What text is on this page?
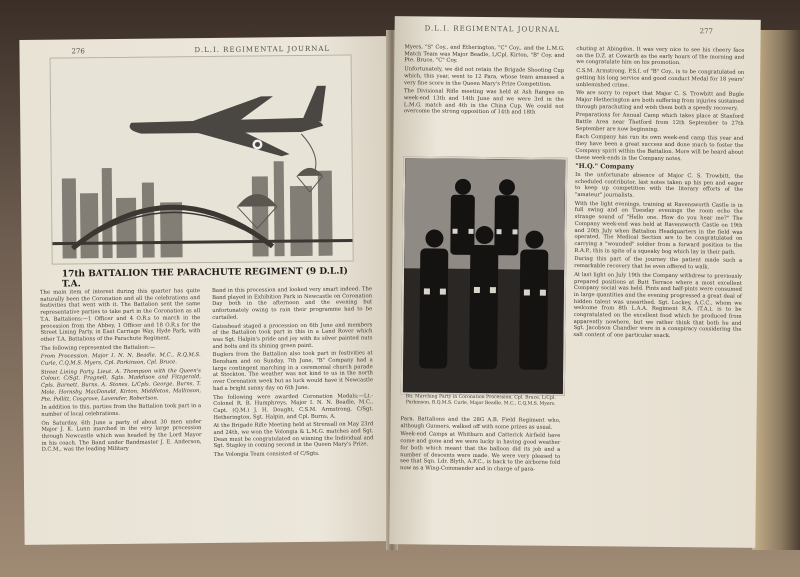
276	D.L.I. REGIMENTAL JOURNAL
17th BATTALION THE PARACHUTE REGIMENT (9 D.L.I) T.A.

The main item of interest during this quarter has quite naturally been the Coronation and all the celebrations and festivities that went with it. The Battalion sent the same representative parties to take part in the Coronation as all T.A. Battalions:—1 Officer and 4 O.R.s to march in the procession from the Abbey, 1 Officer and 18 O.R.s for the Street Lining Party, in East Carriage Way, Hyde Park, with other T.A. Battalions of the Parachute Regiment.

The following represented the Battalion:—

From Procession. Major I. N. N. Beadle, M.C., R.Q.M.S. Curle, C.Q.M.S. Myers, Cpl. Parkinson, Cpl. Bruce.

Street Lining Party. Lieut. A. Thompson with the Queen's Colour, C/Sgt. Pragnell, Sgts. Maddison and Fitzgerald, Cpls. Barnett, Burns, A. Stones, L/Cpls. George, Burns, T. Mole, Hornsby, MacDonald, Kirton, Middleton, Mallinson, Pte. Pollitt, Cosgrove, Lavender, Robertson.

In addition to this, parties from the Battalion took part in a number of local celebrations.

On Saturday, 6th June a party of about 30 men under Major J. K. Lunn marched in the very large procession through Newcastle which was headed by the Lord Mayor in his coach. The Band under Bandmaster J. E. Anderson, D.C.M., was the leading Military

Band in this procession and looked very smart indeed. The Band played in Exhibition Park in Newcastle on Coronation Day both in the afternoon and the evening but unfortunately owing to rain their programme had to be curtailed.

Gateshead staged a procession on 6th June and members of the Battalion took part in this in a Land Rover which was Sgt. Halpin's pride and joy with its silver painted nuts and bolts and its shining green paint.

Buglers from the Battalion also took part in festivities at Bensham and on Sunday, 7th June, "B" Company had a large contingent marching in a ceremonial church parade at Stockton. The weather was not kind to us in the north over Coronation week but as luck would have it Newcastle had a bright sunny day on 6th June.

The following were awarded Coronation Medals:—Lt.-Colonel R. B. Humphreys, Major I. N. N. Beadle, M.C., Capt. (Q.M.) J. H. Dought, C.S.M. Armstrong, C/Sgt. Hetherington, Sgt. Halpin, and Cpl. Burns, A.

At the Brigade Rifle Meeting held at Strensall on May 23rd and 24th, we won the Volongia & L.M.G. matches and Sgt. Dean must be congratulated on winning the Individual and Sgt. Stapley in coming second in the Queen Mary's Prize.

The Volongia Team consisted of C/Sgts.

D.L.I. REGIMENTAL JOURNAL	277

Myers, "S" Coy., and Etherington, "C" Coy., and the L.M.G. Match Team was Major Beadle, L/Cpl. Kirton, "B" Coy. and Pte. Bruce, "C" Coy.

Unfortunately, we did not retain the Brigade Shooting Cup which, this year, went to 12 Para, whose team amassed a very fine score in the Queen Mary's Prize Competition.

The Divisional Rifle meeting was held at Ash Ranges on week-end 13th and 14th June and we were 3rd in the L.M.G. match and 4th in the China Cup. We could not overcome the strong opposition of 14th and 18th

Bn. Marching Party in Coronation Procession. Cpl. Bruce, L/Cpl. Parkinson, R.Q.M.S. Curle, Major Beadle, M.C., C.Q.M.S. Myers.

Para. Battalions and the 28G A.B. Field Regiment who, although Gunners, walked off with some prizes as usual.

Week-end Camps at Whitburn and Catterick Airfield have come and gone and we were lucky in having good weather for both which meant that the balloon did its job and a number of descents were made. We were very pleased to see that Sqn. Ldr. Blyth, A.F.C., is back to the airborne fold now as a Wing-Commander and in charge of para-

chuting at Abingdon. It was very nice to see his cheery face on the D.Z. at Cowarth as the early hours of the morning and we congratulate him on his promotion.

C.S.M. Armstrong, P.S.I. of "B" Coy., is to be congratulated on getting his long service and good conduct Medal for 18 years' unblemished crime.

We are sorry to report that Major C. S. Trowbitt and Bugle Major Hetherington are both suffering from injuries sustained through parachuting and wish them both a speedy recovery.

Preparations for Annual Camp which takes place at Stanford Battle Area near Thetford from 12th September to 27th September are now beginning.

Each Company has run its own week-end camp this year and they have been a great success and done much to foster the Company spirit within the Battalion. More will be heard about these week-ends in the Company notes.

"H.Q." Company

In the unfortunate absence of Major C. S. Trowbitt, the scheduled contributor, last notes taken up his pen and eager to keep up competition with the literary efforts of the "amateur" journalists.

With the light evenings, training at Ravensworth Castle is in full swing and on Tuesday evenings the room echo the strange sound of "Hello one. How do you hear me?" The Company week-end was held at Ravensworth Castle on 19th and 20th July when Battalion Headquarters in the field was operated. The Medical Section are to be congratulated on carrying a "wounded" soldier from a forward position to the R.A.P., this in spite of a squeaky bog which lay in their path.

During this part of the journey the patient made such a remarkable recovery that he even offered to walk.

At last light on July 19th the Company withdrew to previously prepared positions at Butt Terrace where a most excellent Company social was held. Pints and half-pints were consumed in large quantities and the evening progressed a great deal of hidden talent was unearthed. Sgt. Lockey, A.C.C., whom we welcome from 8th L.A.A. Regiment R.A. (T.A.), is to be congratulated on the excellent food which he produced from apparently nowhere, but we rather think that both he and Sgt. Jacobson Chandler were in a conspiracy considering the salt content of one particular snack.
